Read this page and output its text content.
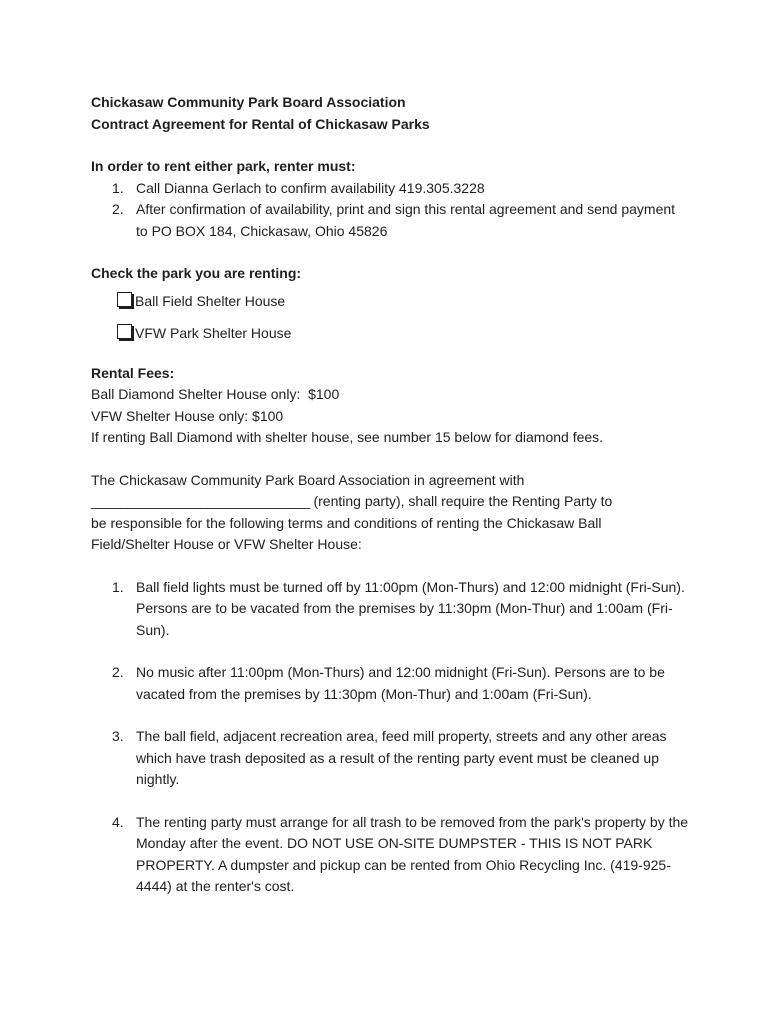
Chickasaw Community Park Board Association
Contract Agreement for Rental of Chickasaw Parks
In order to rent either park, renter must:
1. Call Dianna Gerlach to confirm availability 419.305.3228
2. After confirmation of availability, print and sign this rental agreement and send payment to PO BOX 184, Chickasaw, Ohio 45826
Check the park you are renting:
Ball Field Shelter House
VFW Park Shelter House
Rental Fees:
Ball Diamond Shelter House only:  $100
VFW Shelter House only: $100
If renting Ball Diamond with shelter house, see number 15 below for diamond fees.
The Chickasaw Community Park Board Association in agreement with
______________________________ (renting party), shall require the Renting Party to
be responsible for the following terms and conditions of renting the Chickasaw Ball
Field/Shelter House or VFW Shelter House:
1. Ball field lights must be turned off by 11:00pm (Mon-Thurs) and 12:00 midnight (Fri-Sun). Persons are to be vacated from the premises by 11:30pm (Mon-Thur) and 1:00am (Fri-Sun).
2. No music after 11:00pm (Mon-Thurs) and 12:00 midnight (Fri-Sun). Persons are to be vacated from the premises by 11:30pm (Mon-Thur) and 1:00am (Fri-Sun).
3. The ball field, adjacent recreation area, feed mill property, streets and any other areas which have trash deposited as a result of the renting party event must be cleaned up nightly.
4. The renting party must arrange for all trash to be removed from the park's property by the Monday after the event. DO NOT USE ON-SITE DUMPSTER - THIS IS NOT PARK PROPERTY. A dumpster and pickup can be rented from Ohio Recycling Inc. (419-925-4444) at the renter's cost.
